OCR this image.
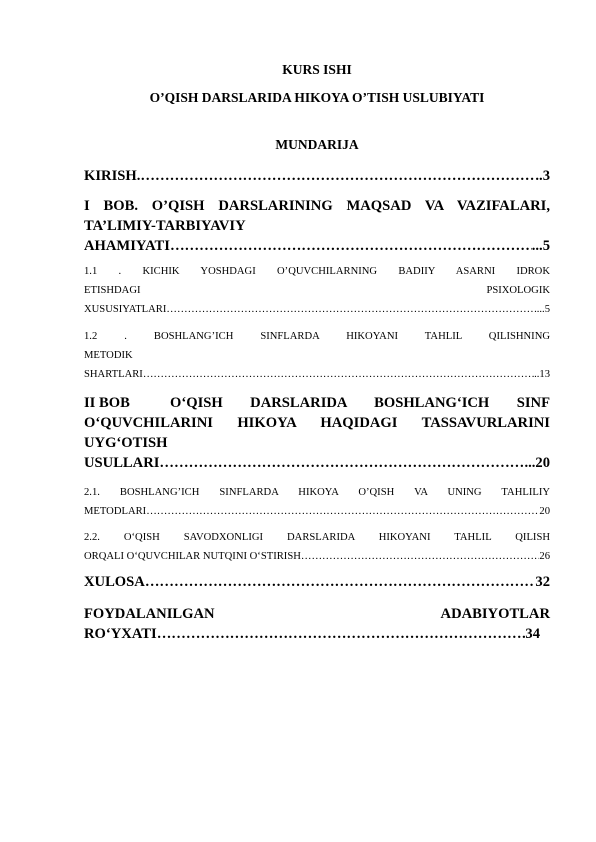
KURS ISHI
O’QISH DARSLARIDA HIKOYA O’TISH USLUBIYATI
MUNDARIJA
KIRISH. ……………………………………………………………………………………………………………………………………………………………………………………	..3
I BOB. O’QISH DARSLARINING MAQSAD VA VAZIFALARI,
TA’LIMIY-TARBIYAVIY
AHAMIYATI ……………………………………………………………………………………………………………………………………………………………………………………	...5
1.1 . KICHIK YOSHDAGI O’QUVCHILARNING BADIIY ASARNI IDROK
ETISHDAGI	PSIXOLOGIK
XUSUSIYATLARI ……………………………………………………………………………………………………………………………………………………………………………………	...5
1.2 . BOSHLANG’ICH SINFLARDA HIKOYANI TAHLIL QILISHNING
METODIK
SHARTLARI ……………………………………………………………………………………………………………………………………………………………………………………	..13
II BOB	O‘QISH DARSLARIDA BOSHLANG‘ICH SINF
O‘QUVCHILARINI HIKOYA HAQIDAGI TASSAVURLARINI
UYG‘OTISH
USULLARI ……………………………………………………………………………………………………………………………………………………………………………………	...20
2.1. BOSHLANG’ICH SINFLARDA HIKOYA O’QISH VA UNING TAHLILIY
METODLARI ……………………………………………………………………………………………………………………………………………………………………………………	20
2.2. O‘QISH SAVODXONLIGI DARSLARIDA HIKOYANI TAHLIL QILISH
ORQALI O‘QUVCHILAR NUTQINI O‘STIRISH ……………………………………………………………………………………………………………………………………………………………………………………	26
XULOSA ……………………………………………………………………………………………………………………………………………………………………………………	32
FOYDALANILGAN	ADABIYOTLAR
RO‘YXATI ……………………………………………………………………………………………………………………………………………………………………………………	34
